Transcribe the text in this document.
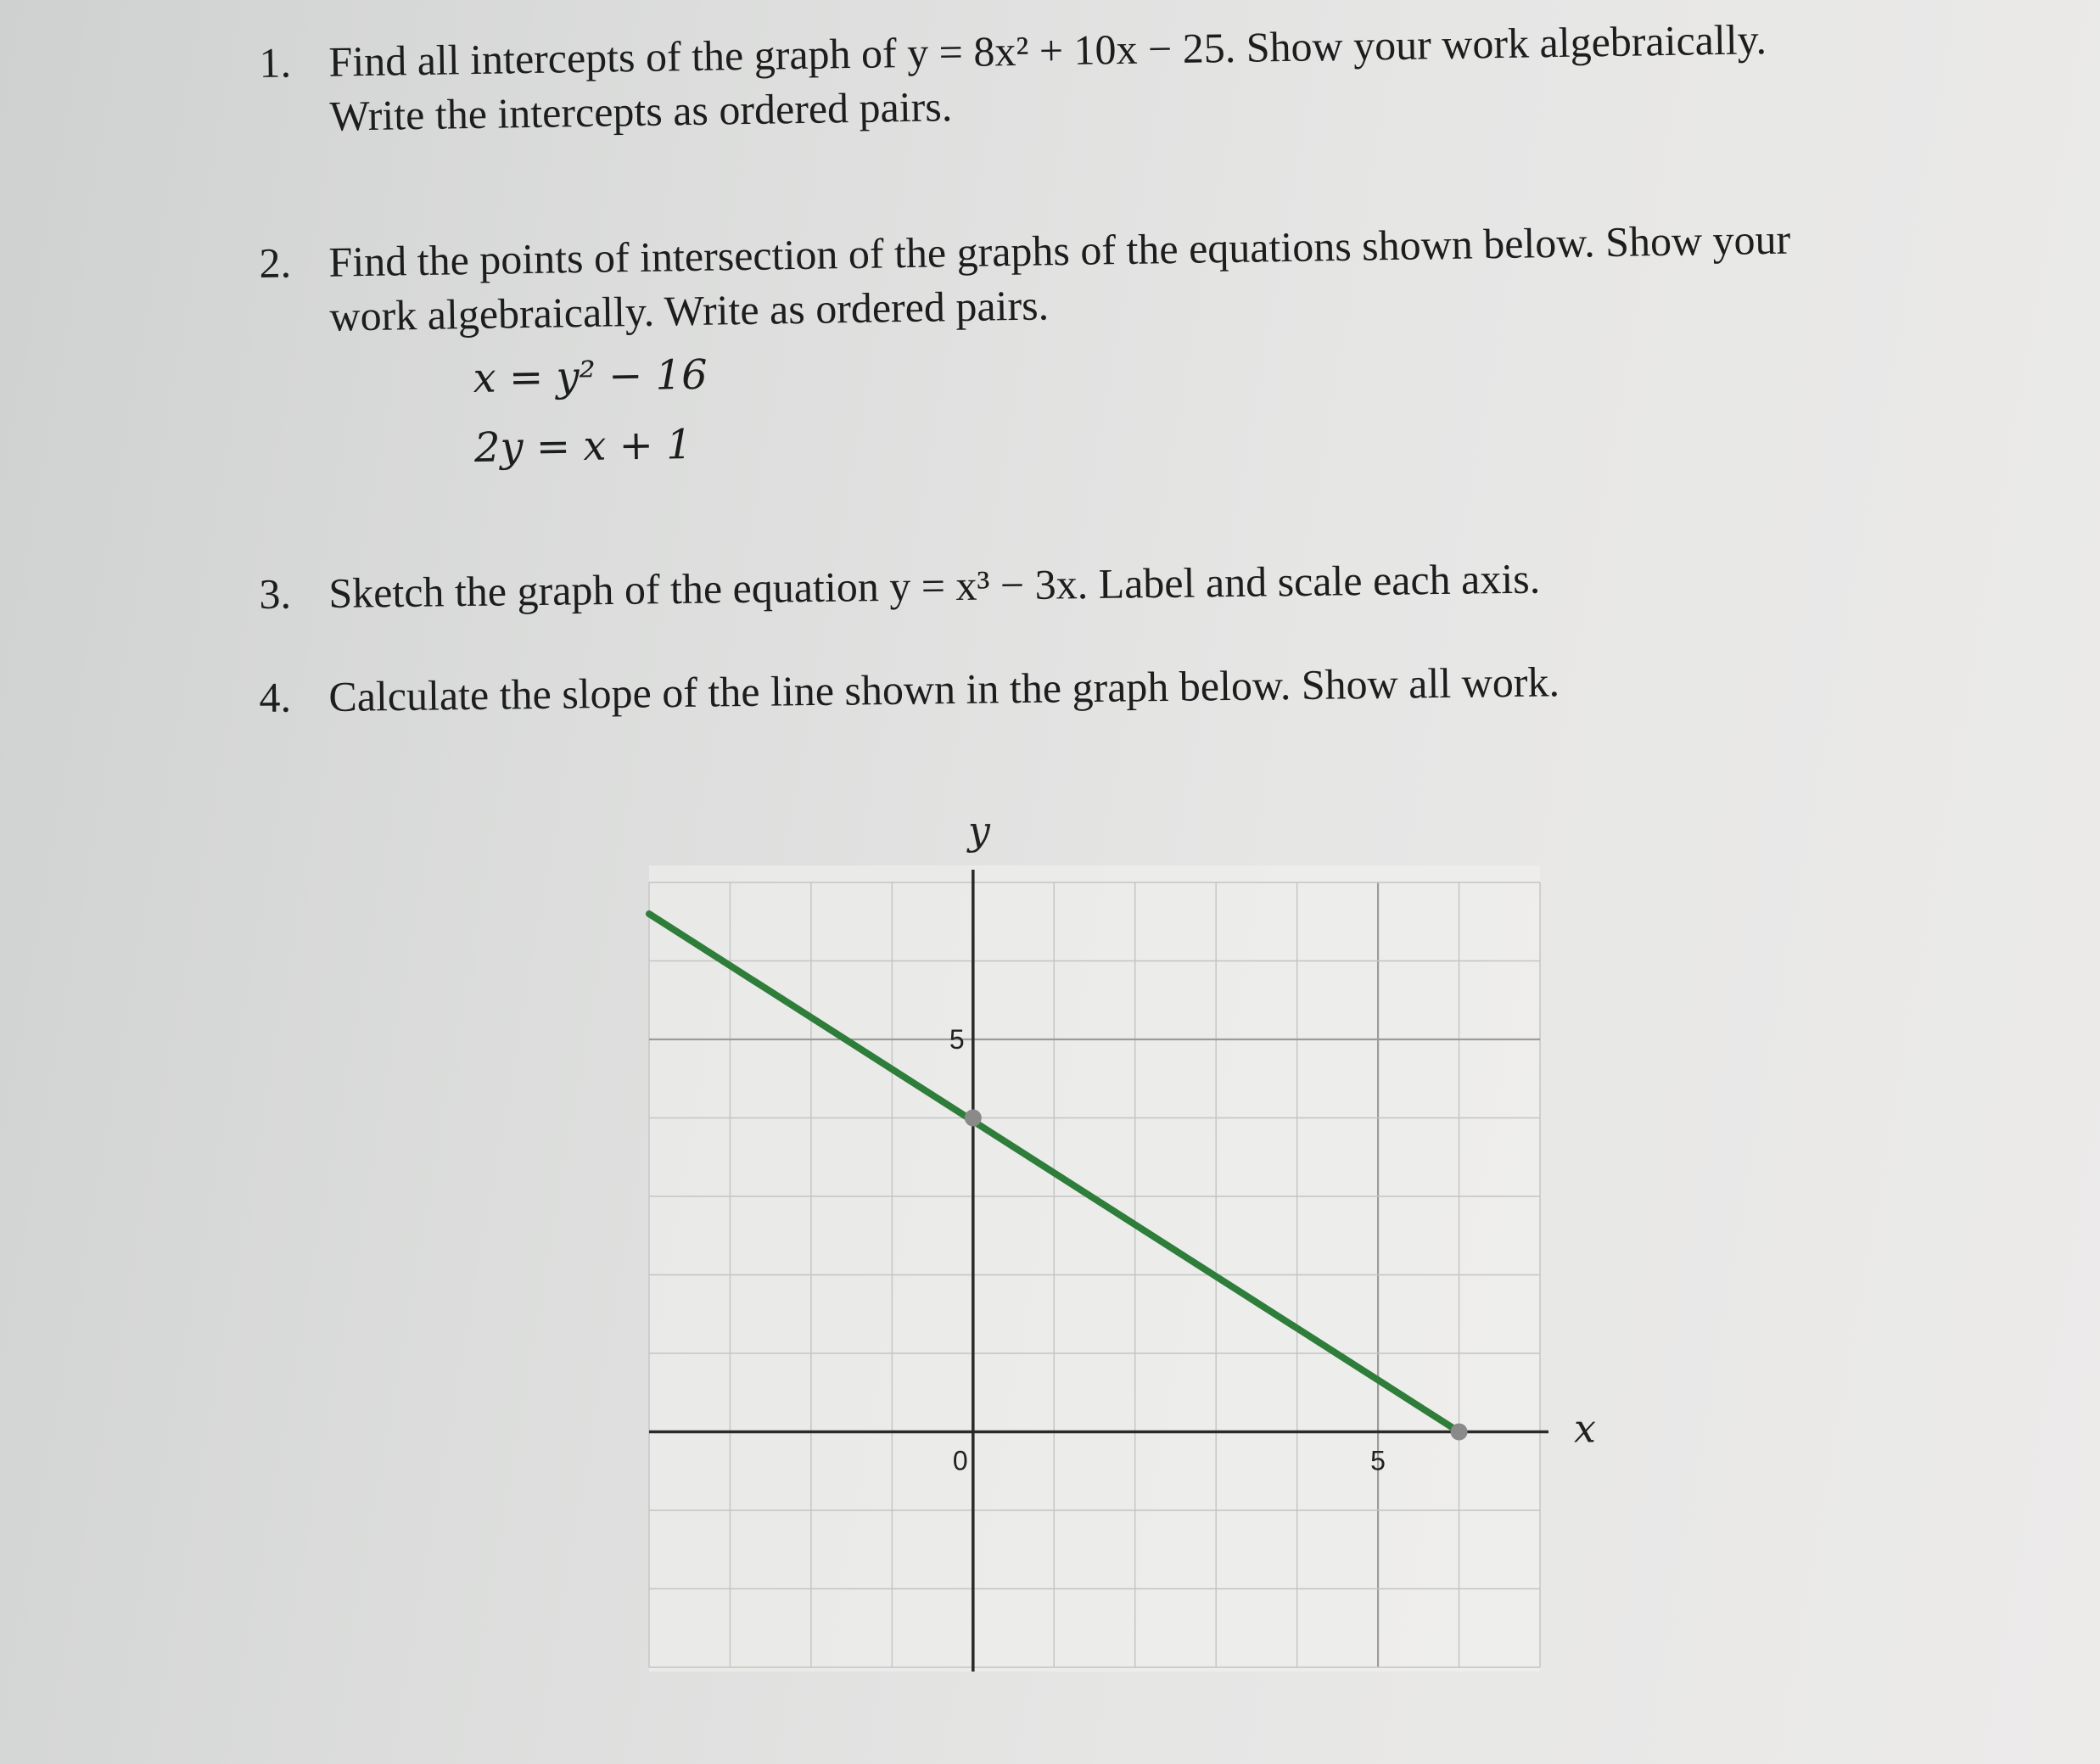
1. Find all intercepts of the graph of y = 8x² + 10x − 25. Show your work algebraically.
Write the intercepts as ordered pairs.
2. Find the points of intersection of the graphs of the equations shown below. Show your
work algebraically. Write as ordered pairs.
x = y² − 16
2y = x + 1
3. Sketch the graph of the equation y = x³ − 3x. Label and scale each axis.
4. Calculate the slope of the line shown in the graph below. Show all work.
y
x
0	5
5
